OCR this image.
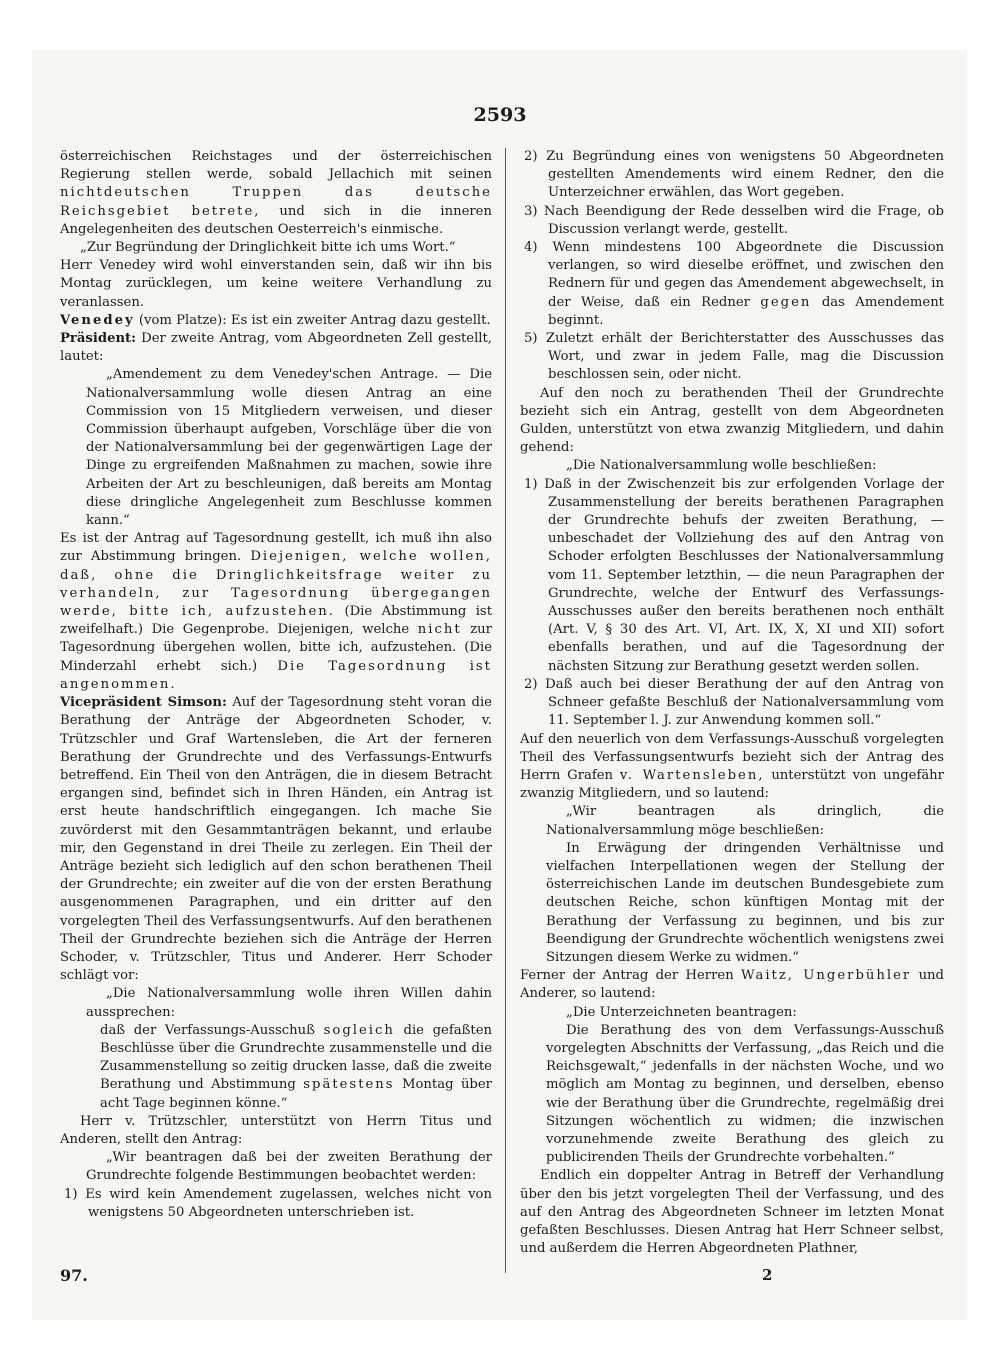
2593

österreichischen Reichstages und der österreichischen Regierung stellen werde, sobald Jellachich mit seinen nichtdeutschen Truppen das deutsche Reichsgebiet betrete, und sich in die inneren Angelegenheiten des deutschen Oesterreich's einmische.

„Zur Begründung der Dringlichkeit bitte ich ums Wort.“

Herr Venedey wird wohl einverstanden sein, daß wir ihn bis Montag zurücklegen, um keine weitere Verhandlung zu veranlassen.

Venedey (vom Platze): Es ist ein zweiter Antrag dazu gestellt.

Präsident: Der zweite Antrag, vom Abgeordneten Zell gestellt, lautet:

„Amendement zu dem Venedey'schen Antrage. — Die Nationalversammlung wolle diesen Antrag an eine Commission von 15 Mitgliedern verweisen, und dieser Commission überhaupt aufgeben, Vorschläge über die von der Nationalversammlung bei der gegenwärtigen Lage der Dinge zu ergreifenden Maßnahmen zu machen, sowie ihre Arbeiten der Art zu beschleunigen, daß bereits am Montag diese dringliche Angelegenheit zum Beschlusse kommen kann.“

Es ist der Antrag auf Tagesordnung gestellt, ich muß ihn also zur Abstimmung bringen. Diejenigen, welche wollen, daß, ohne die Dringlichkeitsfrage weiter zu verhandeln, zur Tagesordnung übergegangen werde, bitte ich, aufzustehen. (Die Abstimmung ist zweifelhaft.) Die Gegenprobe. Diejenigen, welche nicht zur Tagesordnung übergehen wollen, bitte ich, aufzustehen. (Die Minderzahl erhebt sich.) Die Tagesordnung ist angenommen.

Vicepräsident Simson: Auf der Tagesordnung steht voran die Berathung der Anträge der Abgeordneten Schoder, v. Trützschler und Graf Wartensleben, die Art der ferneren Berathung der Grundrechte und des Verfassungs-Entwurfs betreffend. Ein Theil von den Anträgen, die in diesem Betracht ergangen sind, befindet sich in Ihren Händen, ein Antrag ist erst heute handschriftlich eingegangen. Ich mache Sie zuvörderst mit den Gesammtanträgen bekannt, und erlaube mir, den Gegenstand in drei Theile zu zerlegen. Ein Theil der Anträge bezieht sich lediglich auf den schon berathenen Theil der Grundrechte; ein zweiter auf die von der ersten Berathung ausgenommenen Paragraphen, und ein dritter auf den vorgelegten Theil des Verfassungsentwurfs. Auf den berathenen Theil der Grundrechte beziehen sich die Anträge der Herren Schoder, v. Trützschler, Titus und Anderer. Herr Schoder schlägt vor:

„Die Nationalversammlung wolle ihren Willen dahin aussprechen:

daß der Verfassungs-Ausschuß sogleich die gefaßten Beschlüsse über die Grundrechte zusammenstelle und die Zusammenstellung so zeitig drucken lasse, daß die zweite Berathung und Abstimmung spätestens Montag über acht Tage beginnen könne.“

Herr v. Trützschler, unterstützt von Herrn Titus und Anderen, stellt den Antrag:

„Wir beantragen daß bei der zweiten Berathung der Grundrechte folgende Bestimmungen beobachtet werden:

1) Es wird kein Amendement zugelassen, welches nicht von wenigstens 50 Abgeordneten unterschrieben ist.

2) Zu Begründung eines von wenigstens 50 Abgeordneten gestellten Amendements wird einem Redner, den die Unterzeichner erwählen, das Wort gegeben.

3) Nach Beendigung der Rede desselben wird die Frage, ob Discussion verlangt werde, gestellt.

4) Wenn mindestens 100 Abgeordnete die Discussion verlangen, so wird dieselbe eröffnet, und zwischen den Rednern für und gegen das Amendement abgewechselt, in der Weise, daß ein Redner gegen das Amendement beginnt.

5) Zuletzt erhält der Berichterstatter des Ausschusses das Wort, und zwar in jedem Falle, mag die Discussion beschlossen sein, oder nicht.

Auf den noch zu berathenden Theil der Grundrechte bezieht sich ein Antrag, gestellt von dem Abgeordneten Gulden, unterstützt von etwa zwanzig Mitgliedern, und dahin gehend:

„Die Nationalversammlung wolle beschließen:

1) Daß in der Zwischenzeit bis zur erfolgenden Vorlage der Zusammenstellung der bereits berathenen Paragraphen der Grundrechte behufs der zweiten Berathung, — unbeschadet der Vollziehung des auf den Antrag von Schoder erfolgten Beschlusses der Nationalversammlung vom 11. September letzthin, — die neun Paragraphen der Grundrechte, welche der Entwurf des Verfassungs-Ausschusses außer den bereits berathenen noch enthält (Art. V, § 30 des Art. VI, Art. IX, X, XI und XII) sofort ebenfalls berathen, und auf die Tagesordnung der nächsten Sitzung zur Berathung gesetzt werden sollen.

2) Daß auch bei dieser Berathung der auf den Antrag von Schneer gefaßte Beschluß der Nationalversammlung vom 11. September l. J. zur Anwendung kommen soll.“

Auf den neuerlich von dem Verfassungs-Ausschuß vorgelegten Theil des Verfassungsentwurfs bezieht sich der Antrag des Herrn Grafen v. Wartensleben, unterstützt von ungefähr zwanzig Mitgliedern, und so lautend:

„Wir beantragen als dringlich, die Nationalversammlung möge beschließen:

In Erwägung der dringenden Verhältnisse und vielfachen Interpellationen wegen der Stellung der österreichischen Lande im deutschen Bundesgebiete zum deutschen Reiche, schon künftigen Montag mit der Berathung der Verfassung zu beginnen, und bis zur Beendigung der Grundrechte wöchentlich wenigstens zwei Sitzungen diesem Werke zu widmen.“

Ferner der Antrag der Herren Waitz, Ungerbühler und Anderer, so lautend:

„Die Unterzeichneten beantragen:

Die Berathung des von dem Verfassungs-Ausschuß vorgelegten Abschnitts der Verfassung, „das Reich und die Reichsgewalt,“ jedenfalls in der nächsten Woche, und wo möglich am Montag zu beginnen, und derselben, ebenso wie der Berathung über die Grundrechte, regelmäßig drei Sitzungen wöchentlich zu widmen; die inzwischen vorzunehmende zweite Berathung des gleich zu publicirenden Theils der Grundrechte vorbehalten.“

Endlich ein doppelter Antrag in Betreff der Verhandlung über den bis jetzt vorgelegten Theil der Verfassung, und des auf den Antrag des Abgeordneten Schneer im letzten Monat gefaßten Beschlusses. Diesen Antrag hat Herr Schneer selbst, und außerdem die Herren Abgeordneten Plathner,

97.	2
